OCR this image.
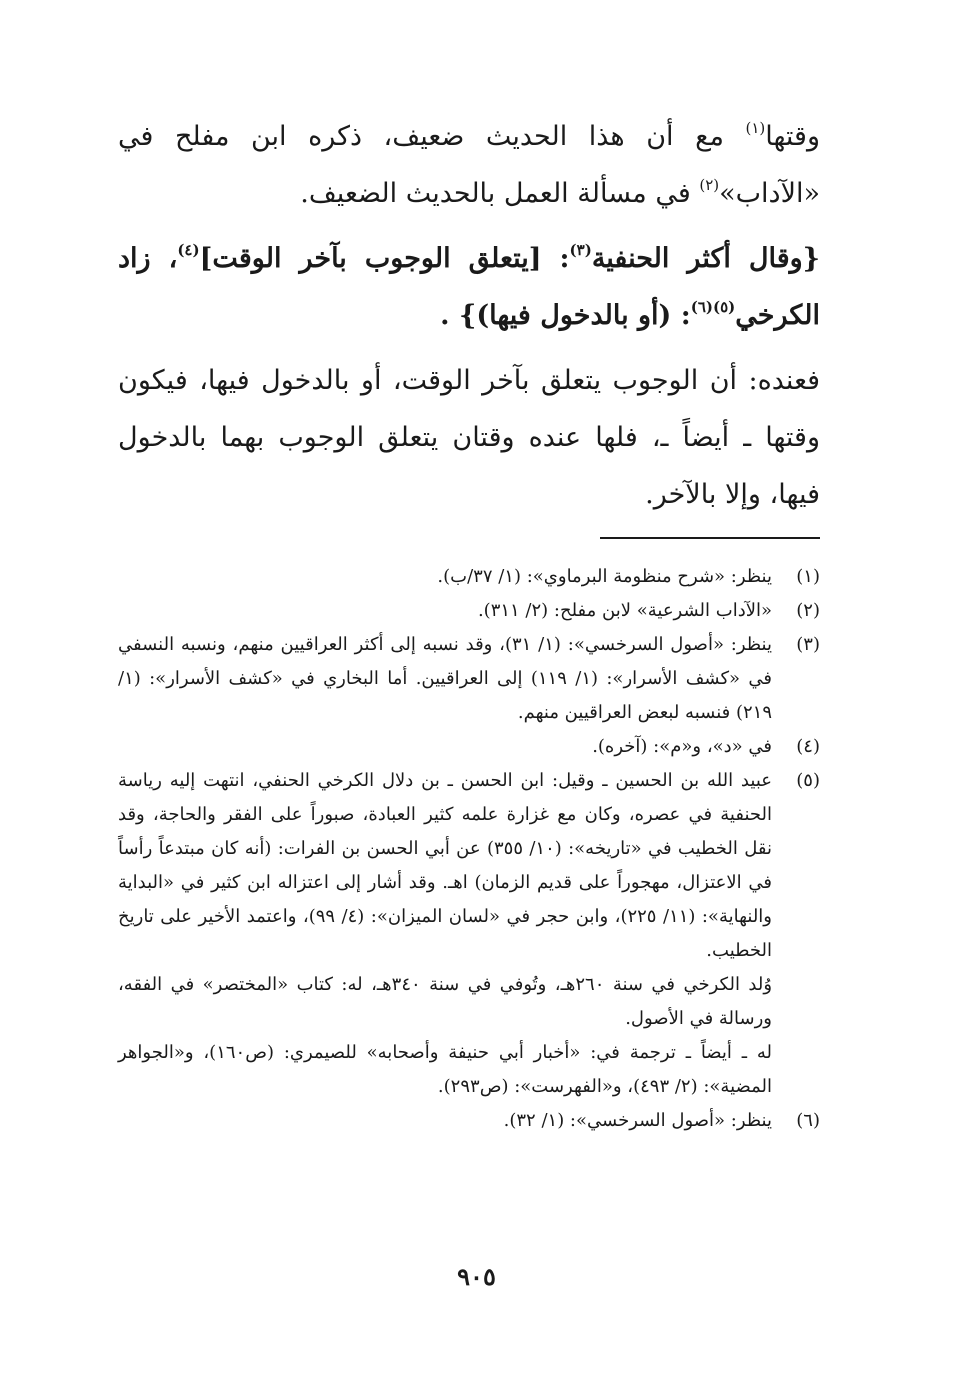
وقتها$^{(١)}$ مع أن هذا الحديث ضعيف، ذكره ابن مفلح في «الآداب»$^{(٢)}$ في مسألة العمل بالحديث الضعيف.

{وقال أكثر الحنفية$^{(٣)}$: [يتعلق الوجوب بآخر الوقت]$^{(٤)}$، زاد الكرخي$^{(٥)(٦)}$: (أو بالدخول فيها)} .

فعنده: أن الوجوب يتعلق بآخر الوقت، أو بالدخول فيها، فيكون وقتها ـ أيضاً ـ، فلها عنده وقتان يتعلق الوجوب بهما بالدخول فيها، وإلا بالآخر.

(١)
ينظر: «شرح منظومة البرماوي»: (١/ ٣٧/ب).
(٢)
«الآداب الشرعية» لابن مفلح: (٢/ ٣١١).
(٣)
ينظر: «أصول السرخسي»: (١/ ٣١)، وقد نسبه إلى أكثر العراقيين منهم، ونسبه النسفي في «كشف الأسرار»: (١/ ١١٩) إلى العراقيين. أما البخاري في «كشف الأسرار»: (١/ ٢١٩) فنسبه لبعض العراقيين منهم.
(٤)
في «د»، و«م»: (آخره).
(٥)
عبيد الله بن الحسين ـ وقيل: ابن الحسن ـ بن دلال الكرخي الحنفي، انتهت إليه رياسة الحنفية في عصره، وكان مع غزارة علمه كثير العبادة، صبوراً على الفقر والحاجة، وقد نقل الخطيب في «تاريخه»: (١٠/ ٣٥٥) عن أبي الحسن بن الفرات: (أنه كان مبتدعاً رأساً في الاعتزال، مهجوراً على قديم الزمان) اهـ. وقد أشار إلى اعتزاله ابن كثير في «البداية والنهاية»: (١١/ ٢٢٥)، وابن حجر في «لسان الميزان»: (٤/ ٩٩)، واعتمد الأخير على تاريخ الخطيب.
وُلد الكرخي في سنة ٢٦٠هـ، وتُوفي في سنة ٣٤٠هـ، له: كتاب «المختصر» في الفقه، ورسالة في الأصول.
له ـ أيضاً ـ ترجمة في: «أخبار أبي حنيفة وأصحابه» للصيمري: (ص١٦٠)، و«الجواهر المضية»: (٢/ ٤٩٣)، و«الفهرست»: (ص٢٩٣).
(٦)
ينظر: «أصول السرخسي»: (١/ ٣٢).
٩٠٥
